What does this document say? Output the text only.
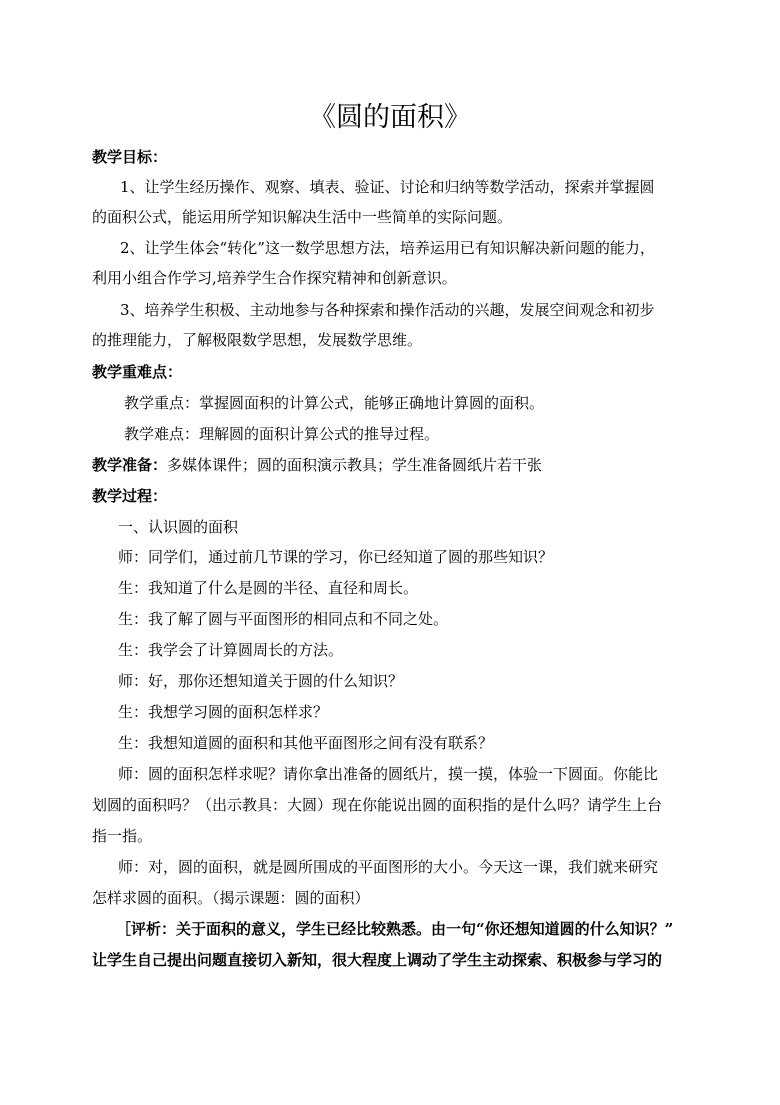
《圆的面积》
教学目标：
1、让学生经历操作、观察、填表、验证、讨论和归纳等数学活动，探索并掌握圆
的面积公式，能运用所学知识解决生活中一些简单的实际问题。
2、让学生体会“转化”这一数学思想方法，培养运用已有知识解决新问题的能力，
利用小组合作学习,培养学生合作探究精神和创新意识。
3、培养学生积极、主动地参与各种探索和操作活动的兴趣，发展空间观念和初步
的推理能力，了解极限数学思想，发展数学思维。
教学重难点：
教学重点：掌握圆面积的计算公式，能够正确地计算圆的面积。
教学难点：理解圆的面积计算公式的推导过程。
教学准备：多媒体课件；圆的面积演示教具；学生准备圆纸片若干张
教学过程：
一、认识圆的面积
师：同学们，通过前几节课的学习，你已经知道了圆的那些知识？
生：我知道了什么是圆的半径、直径和周长。
生：我了解了圆与平面图形的相同点和不同之处。
生：我学会了计算圆周长的方法。
师：好，那你还想知道关于圆的什么知识？
生：我想学习圆的面积怎样求？
生：我想知道圆的面积和其他平面图形之间有没有联系？
师：圆的面积怎样求呢？请你拿出准备的圆纸片，摸一摸，体验一下圆面。你能比
划圆的面积吗？（出示教具：大圆）现在你能说出圆的面积指的是什么吗？请学生上台
指一指。
师：对，圆的面积，就是圆所围成的平面图形的大小。今天这一课，我们就来研究
怎样求圆的面积。（揭示课题：圆的面积）
［评析：关于面积的意义，学生已经比较熟悉。由一句“你还想知道圆的什么知识？”
让学生自己提出问题直接切入新知，很大程度上调动了学生主动探索、积极参与学习的
